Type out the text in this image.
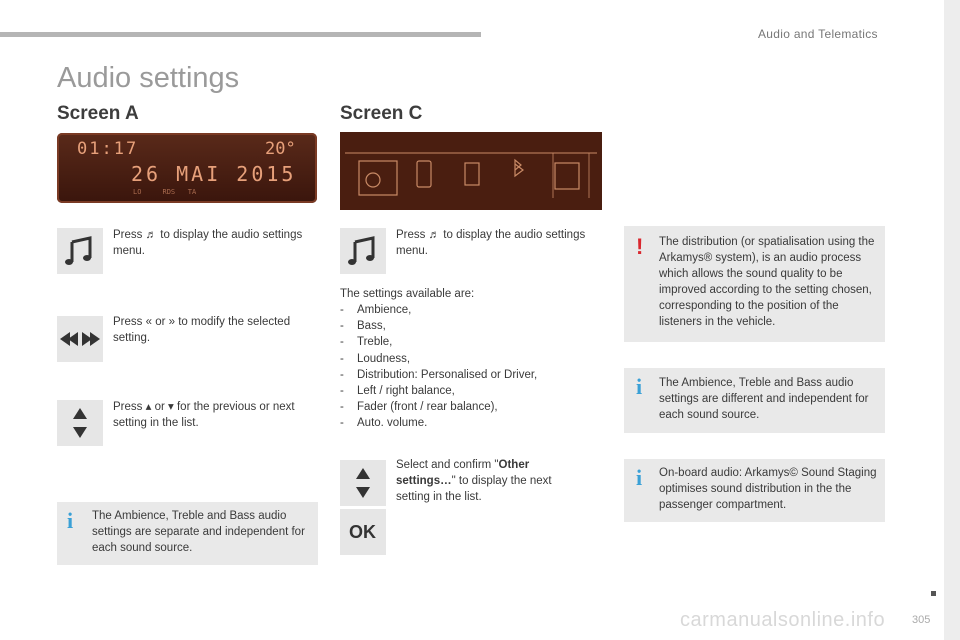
Audio and Telematics
Audio settings
Screen A
01:17	20°
26 MAI 2015
LO     RDS   TA
Press ♬ to display the audio settings menu.
Press « or » to modify the selected setting.
Press ▴ or ▾ for the previous or next setting in the list.
i The Ambience, Treble and Bass audio settings are separate and independent for each sound source.
Screen C
Press ♬ to display the audio settings menu.
The settings available are:
- Ambience,
- Bass,
- Treble,
- Loudness,
- Distribution: Personalised or Driver,
- Left / right balance,
- Fader (front / rear balance),
- Auto. volume.
Select and confirm "Other settings…" to display the next setting in the list.
OK
! The distribution (or spatialisation using the Arkamys® system), is an audio process which allows the sound quality to be improved according to the setting chosen, corresponding to the position of the listeners in the vehicle.
i The Ambience, Treble and Bass audio settings are different and independent for each sound source.
i On-board audio: Arkamys© Sound Staging optimises sound distribution in the the passenger compartment.
carmanualsonline.info 305
